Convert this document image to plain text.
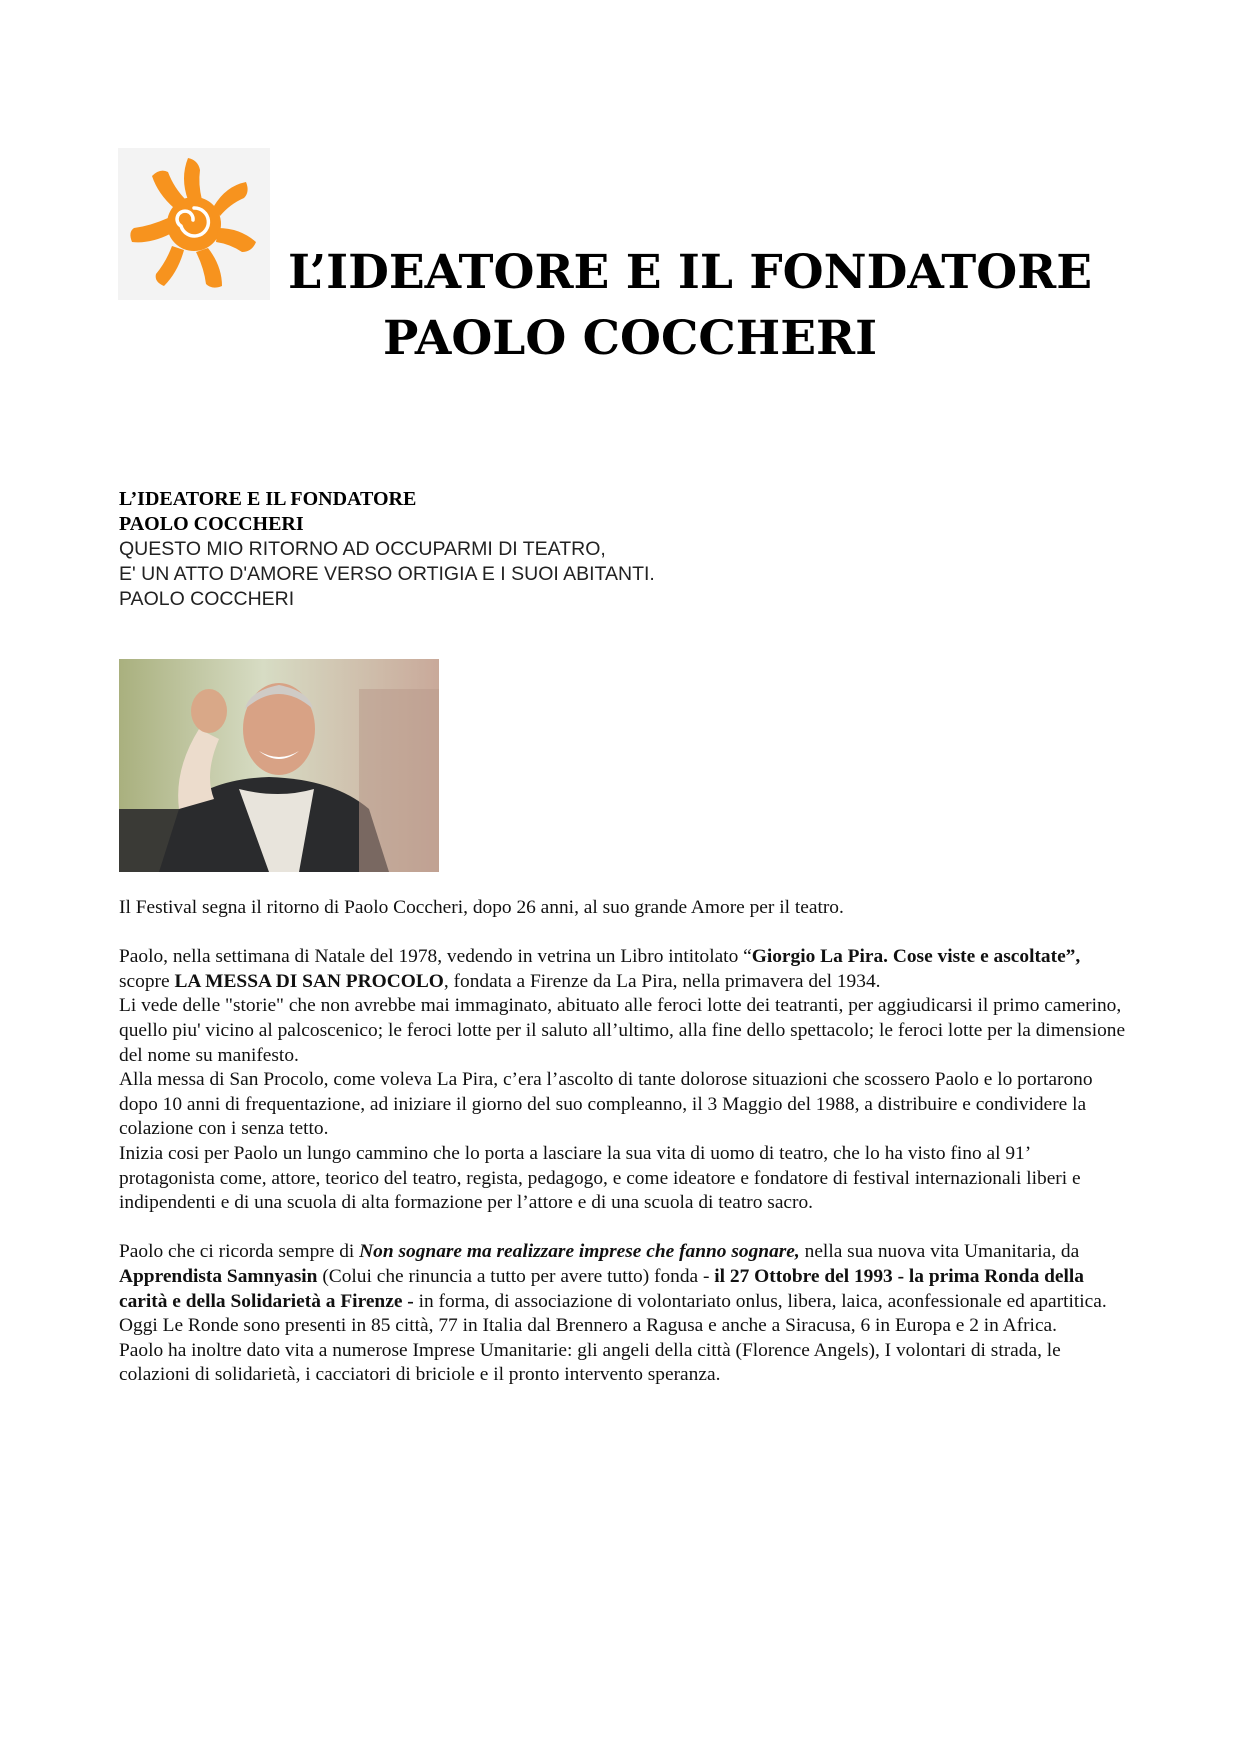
L’IDEATORE E IL FONDATORE
PAOLO COCCHERI
L’IDEATORE E IL FONDATORE
PAOLO COCCHERI
QUESTO MIO RITORNO AD OCCUPARMI DI TEATRO,
E' UN ATTO D'AMORE VERSO ORTIGIA E I SUOI ABITANTI.
PAOLO COCCHERI

Il Festival segna il ritorno di Paolo Coccheri, dopo 26 anni, al suo grande Amore per il teatro.

Paolo, nella settimana di Natale del 1978, vedendo in vetrina un Libro intitolato “Giorgio La Pira. Cose viste e ascoltate”, scopre LA MESSA DI SAN PROCOLO, fondata a Firenze da La Pira, nella primavera del 1934.

Li vede delle "storie" che non avrebbe mai immaginato, abituato alle feroci lotte dei teatranti, per aggiudicarsi il primo camerino, quello piu' vicino al palcoscenico; le feroci lotte per il saluto all’ultimo, alla fine dello spettacolo; le feroci lotte per la dimensione del nome su manifesto.

Alla messa di San Procolo, come voleva La Pira, c’era l’ascolto di tante dolorose situazioni che scossero Paolo e lo portarono dopo 10 anni di frequentazione, ad iniziare il giorno del suo compleanno, il 3 Maggio del 1988, a distribuire e condividere la colazione con i senza tetto.

Inizia cosi per Paolo un lungo cammino che lo porta a lasciare la sua vita di uomo di teatro, che lo ha visto fino al 91’ protagonista come, attore, teorico del teatro, regista, pedagogo, e come ideatore e fondatore di festival internazionali liberi e indipendenti e di una scuola di alta formazione per l’attore e di una scuola di teatro sacro.

Paolo che ci ricorda sempre di Non sognare ma realizzare imprese che fanno sognare, nella sua nuova vita Umanitaria, da Apprendista Samnyasin (Colui che rinuncia a tutto per avere tutto) fonda - il 27 Ottobre del 1993 - la prima Ronda della carità e della Solidarietà a Firenze - in forma, di associazione di volontariato onlus, libera, laica, aconfessionale ed apartitica. Oggi Le Ronde sono presenti in 85 città, 77 in Italia dal Brennero a Ragusa e anche a Siracusa, 6 in Europa e 2 in Africa.

Paolo ha inoltre dato vita a numerose Imprese Umanitarie: gli angeli della città (Florence Angels), I volontari di strada, le colazioni di solidarietà, i cacciatori di briciole e il pronto intervento speranza.
